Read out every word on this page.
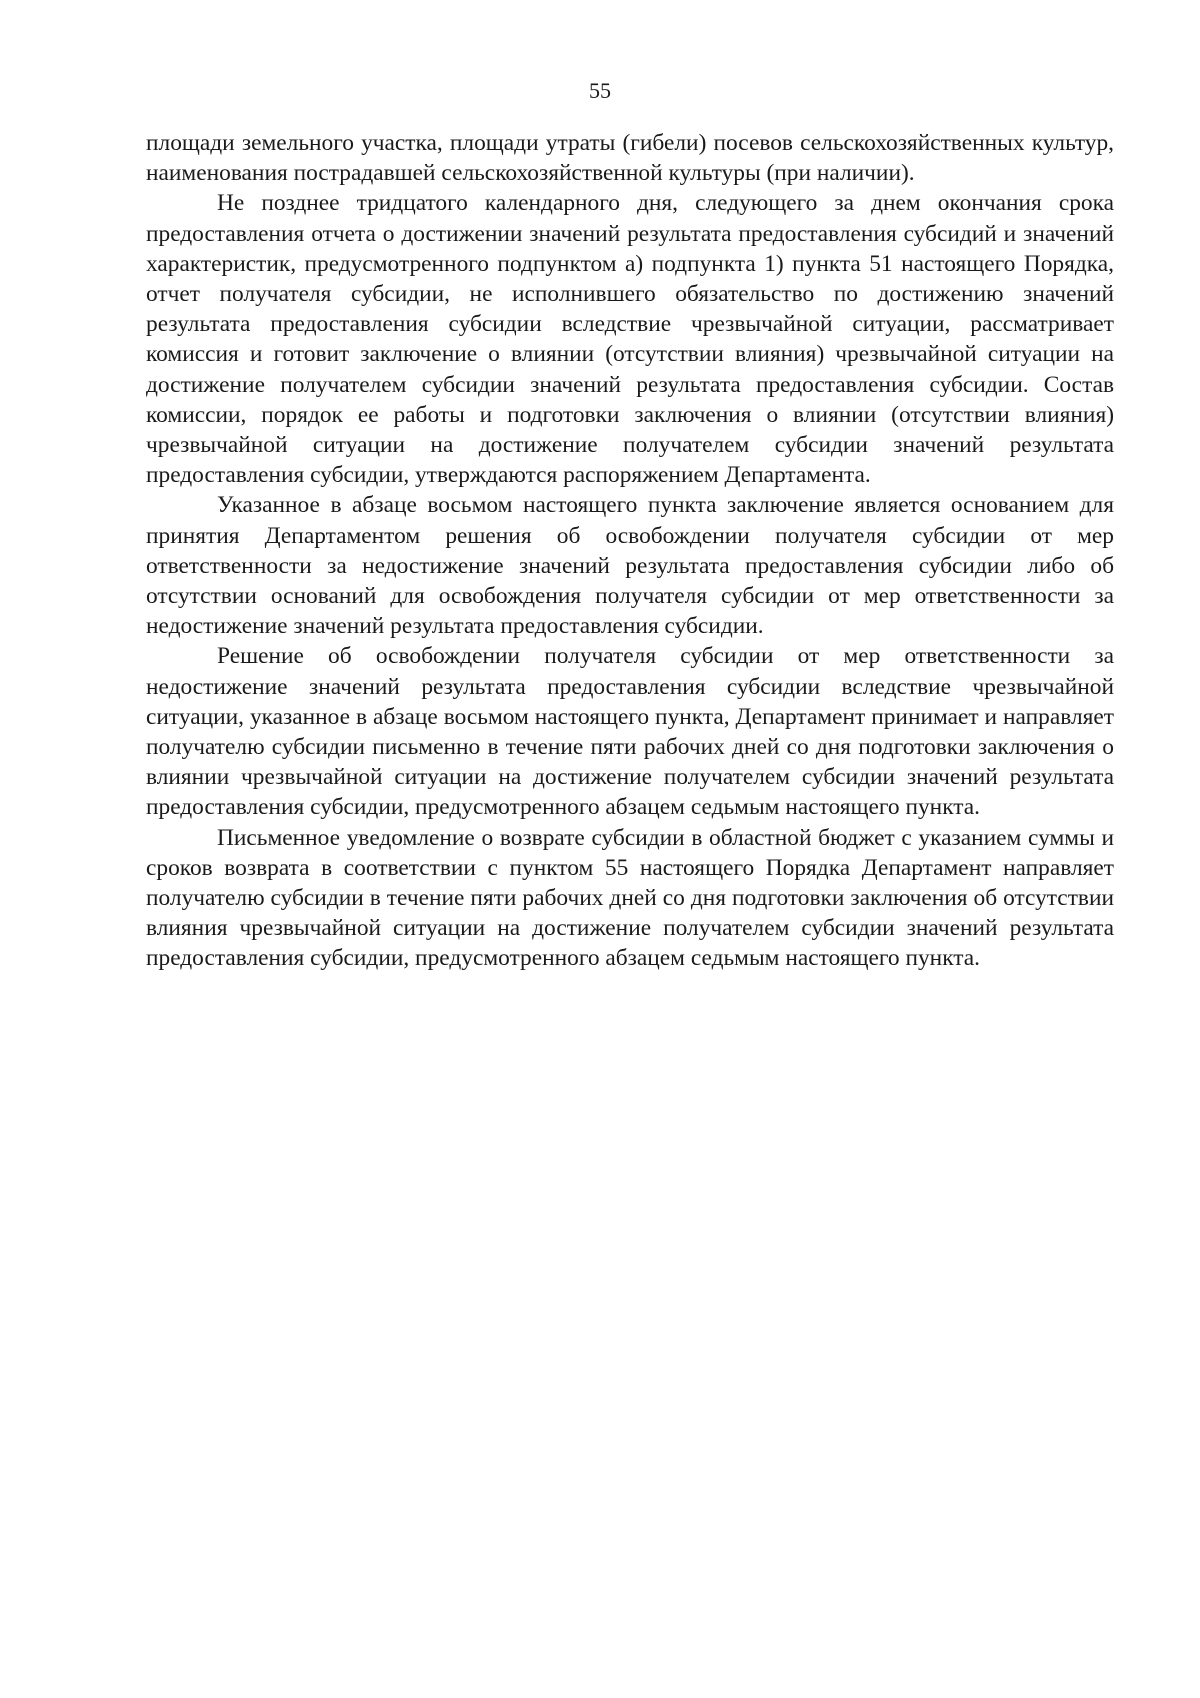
55

площади земельного участка, площади утраты (гибели) посевов сельскохозяйственных культур, наименования пострадавшей сельскохозяйственной культуры (при наличии).

Не позднее тридцатого календарного дня, следующего за днем окончания срока предоставления отчета о достижении значений результата предоставления субсидий и значений характеристик, предусмотренного подпунктом а) подпункта 1) пункта 51 настоящего Порядка, отчет получателя субсидии, не исполнившего обязательство по достижению значений результата предоставления субсидии вследствие чрезвычайной ситуации, рассматривает комиссия и готовит заключение о влиянии (отсутствии влияния) чрезвычайной ситуации на достижение получателем субсидии значений результата предоставления субсидии. Состав комиссии, порядок ее работы и подготовки заключения о влиянии (отсутствии влияния) чрезвычайной ситуации на достижение получателем субсидии значений результата предоставления субсидии, утверждаются распоряжением Департамента.

Указанное в абзаце восьмом настоящего пункта заключение является основанием для принятия Департаментом решения об освобождении получателя субсидии от мер ответственности за недостижение значений результата предоставления субсидии либо об отсутствии оснований для освобождения получателя субсидии от мер ответственности за недостижение значений результата предоставления субсидии.

Решение об освобождении получателя субсидии от мер ответственности за недостижение значений результата предоставления субсидии вследствие чрезвычайной ситуации, указанное в абзаце восьмом настоящего пункта, Департамент принимает и направляет получателю субсидии письменно в течение пяти рабочих дней со дня подготовки заключения о влиянии чрезвычайной ситуации на достижение получателем субсидии значений результата предоставления субсидии, предусмотренного абзацем седьмым настоящего пункта.

Письменное уведомление о возврате субсидии в областной бюджет с указанием суммы и сроков возврата в соответствии с пунктом 55 настоящего Порядка Департамент направляет получателю субсидии в течение пяти рабочих дней со дня подготовки заключения об отсутствии влияния чрезвычайной ситуации на достижение получателем субсидии значений результата предоставления субсидии, предусмотренного абзацем седьмым настоящего пункта.
